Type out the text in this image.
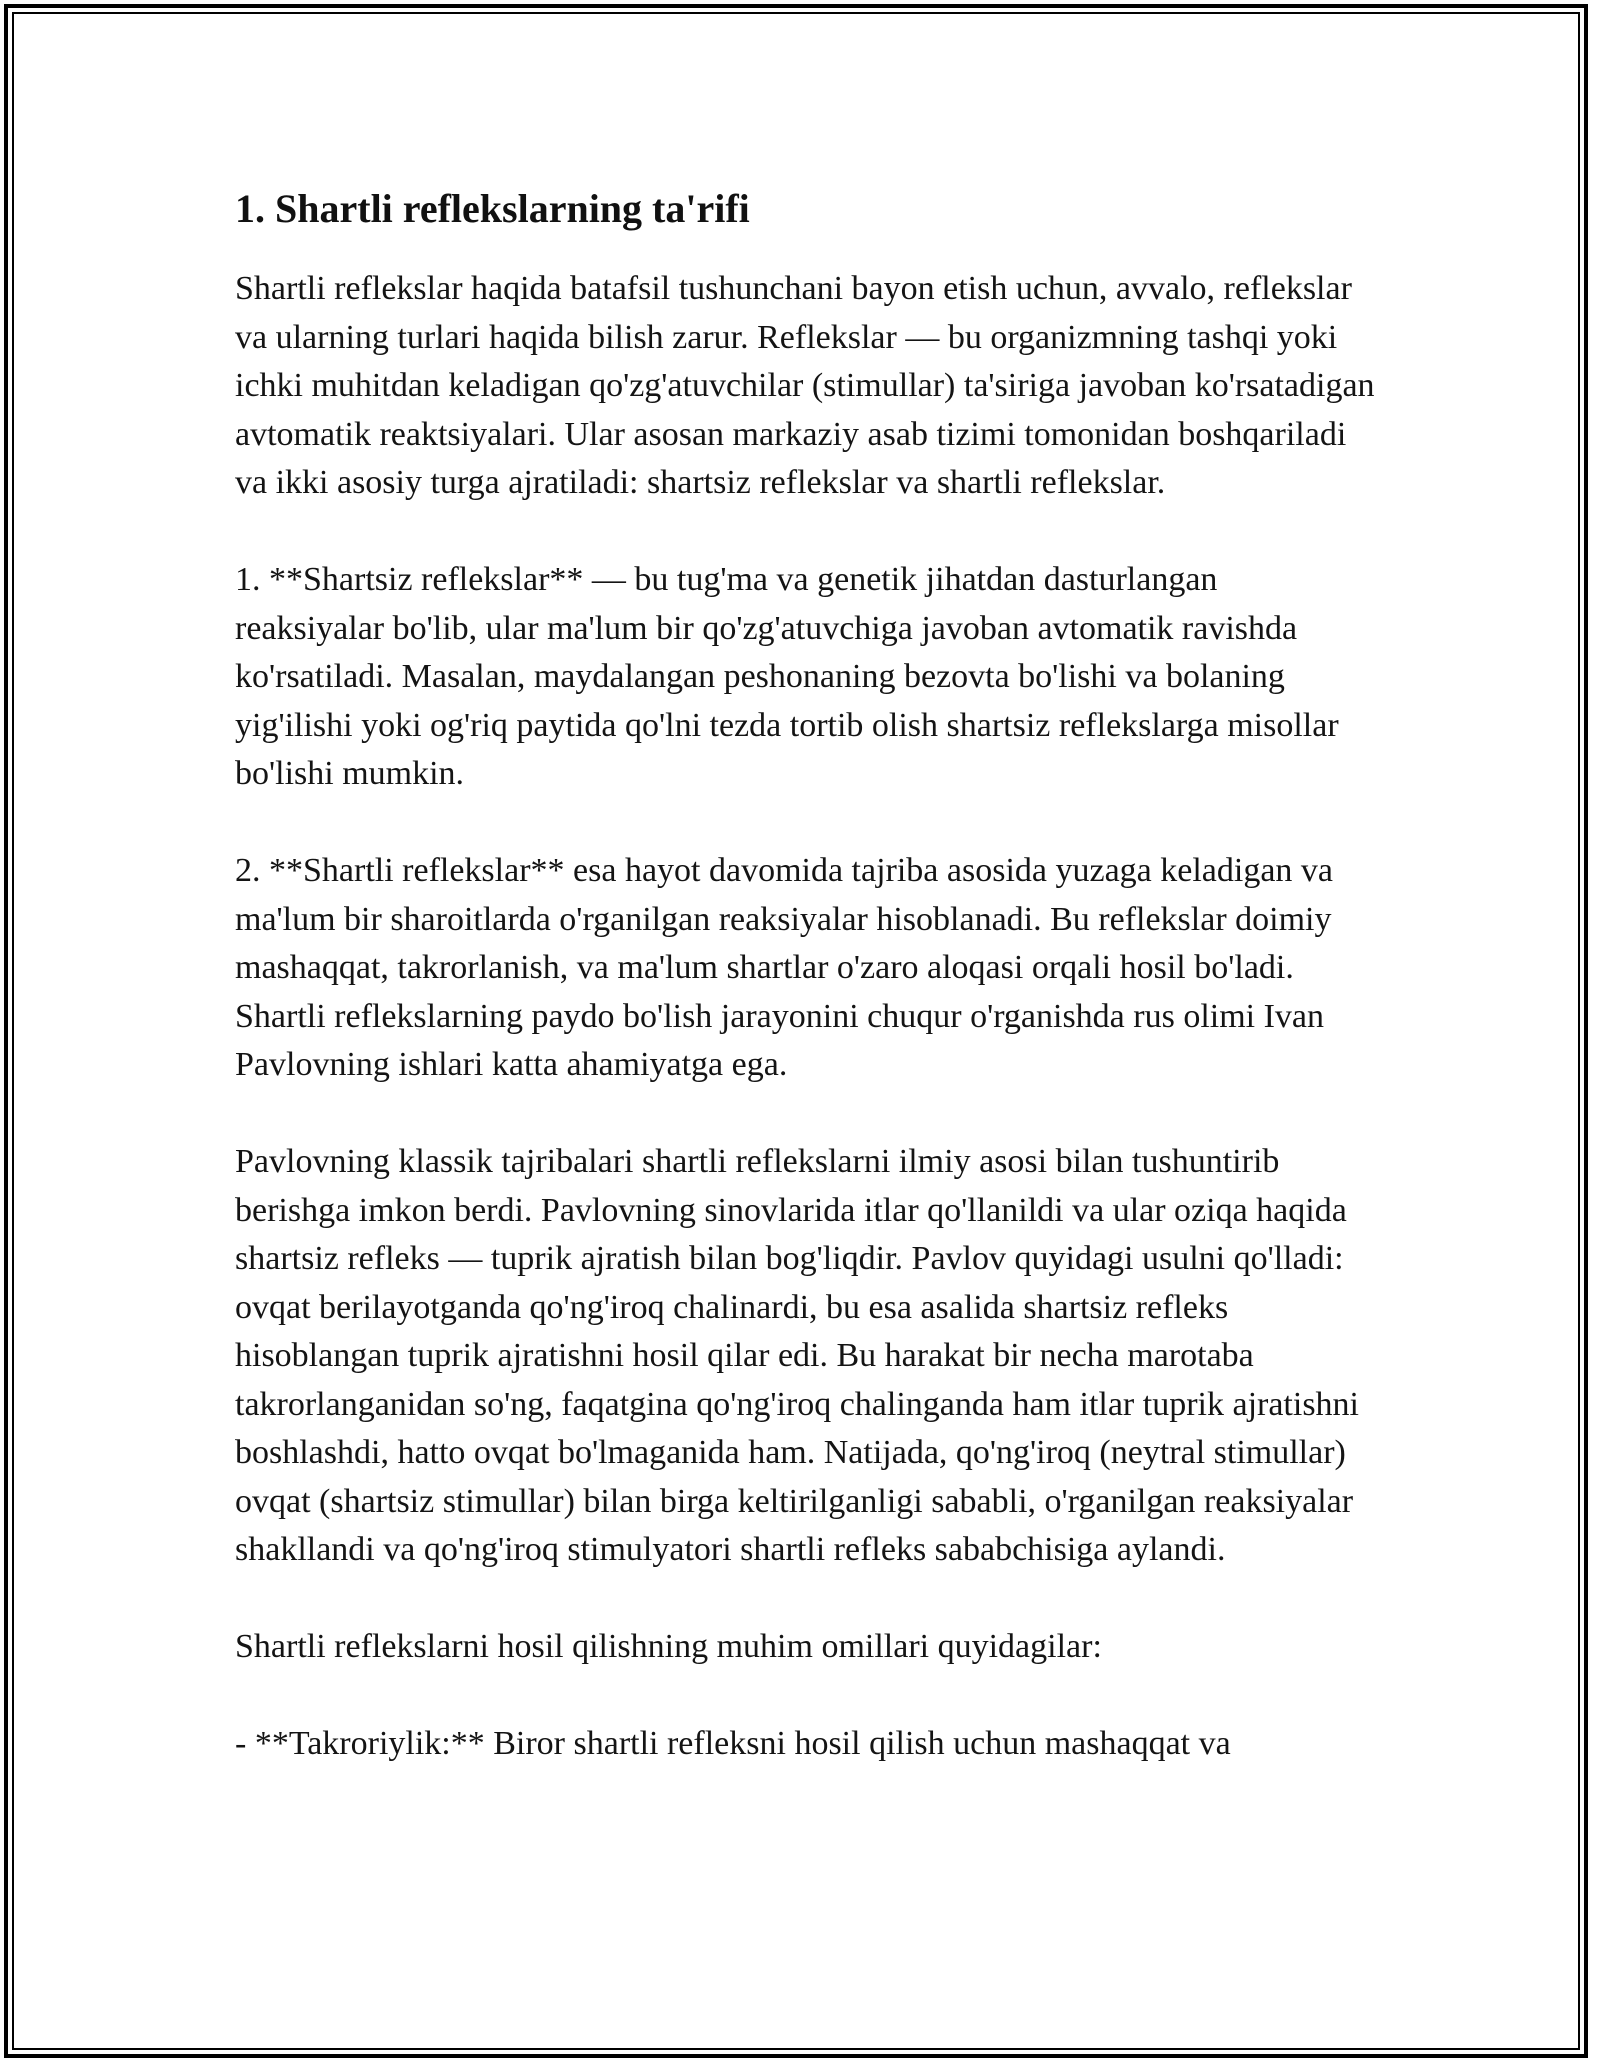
1. Shartli reflekslarning ta'rifi

Shartli reflekslar haqida batafsil tushunchani bayon etish uchun, avvalo, reflekslar va ularning turlari haqida bilish zarur. Reflekslar — bu organizmning tashqi yoki ichki muhitdan keladigan qo'zg'atuvchilar (stimullar) ta'siriga javoban ko'rsatadigan avtomatik reaktsiyalari. Ular asosan markaziy asab tizimi tomonidan boshqariladi va ikki asosiy turga ajratiladi: shartsiz reflekslar va shartli reflekslar.

1. **Shartsiz reflekslar** — bu tug'ma va genetik jihatdan dasturlangan reaksiyalar bo'lib, ular ma'lum bir qo'zg'atuvchiga javoban avtomatik ravishda ko'rsatiladi. Masalan, maydalangan peshonaning bezovta bo'lishi va bolaning yig'ilishi yoki og'riq paytida qo'lni tezda tortib olish shartsiz reflekslarga misollar bo'lishi mumkin.

2. **Shartli reflekslar** esa hayot davomida tajriba asosida yuzaga keladigan va ma'lum bir sharoitlarda o'rganilgan reaksiyalar hisoblanadi. Bu reflekslar doimiy mashaqqat, takrorlanish, va ma'lum shartlar o'zaro aloqasi orqali hosil bo'ladi. Shartli reflekslarning paydo bo'lish jarayonini chuqur o'rganishda rus olimi Ivan Pavlovning ishlari katta ahamiyatga ega.

Pavlovning klassik tajribalari shartli reflekslarni ilmiy asosi bilan tushuntirib berishga imkon berdi. Pavlovning sinovlarida itlar qo'llanildi va ular oziqa haqida shartsiz refleks — tuprik ajratish bilan bog'liqdir. Pavlov quyidagi usulni qo'lladi: ovqat berilayotganda qo'ng'iroq chalinardi, bu esa asalida shartsiz refleks hisoblangan tuprik ajratishni hosil qilar edi. Bu harakat bir necha marotaba takrorlanganidan so'ng, faqatgina qo'ng'iroq chalinganda ham itlar tuprik ajratishni boshlashdi, hatto ovqat bo'lmaganida ham. Natijada, qo'ng'iroq (neytral stimullar) ovqat (shartsiz stimullar) bilan birga keltirilganligi sababli, o'rganilgan reaksiyalar shakllandi va qo'ng'iroq stimulyatori shartli refleks sababchisiga aylandi.

Shartli reflekslarni hosil qilishning muhim omillari quyidagilar:

- **Takroriylik:** Biror shartli refleksni hosil qilish uchun mashaqqat va
